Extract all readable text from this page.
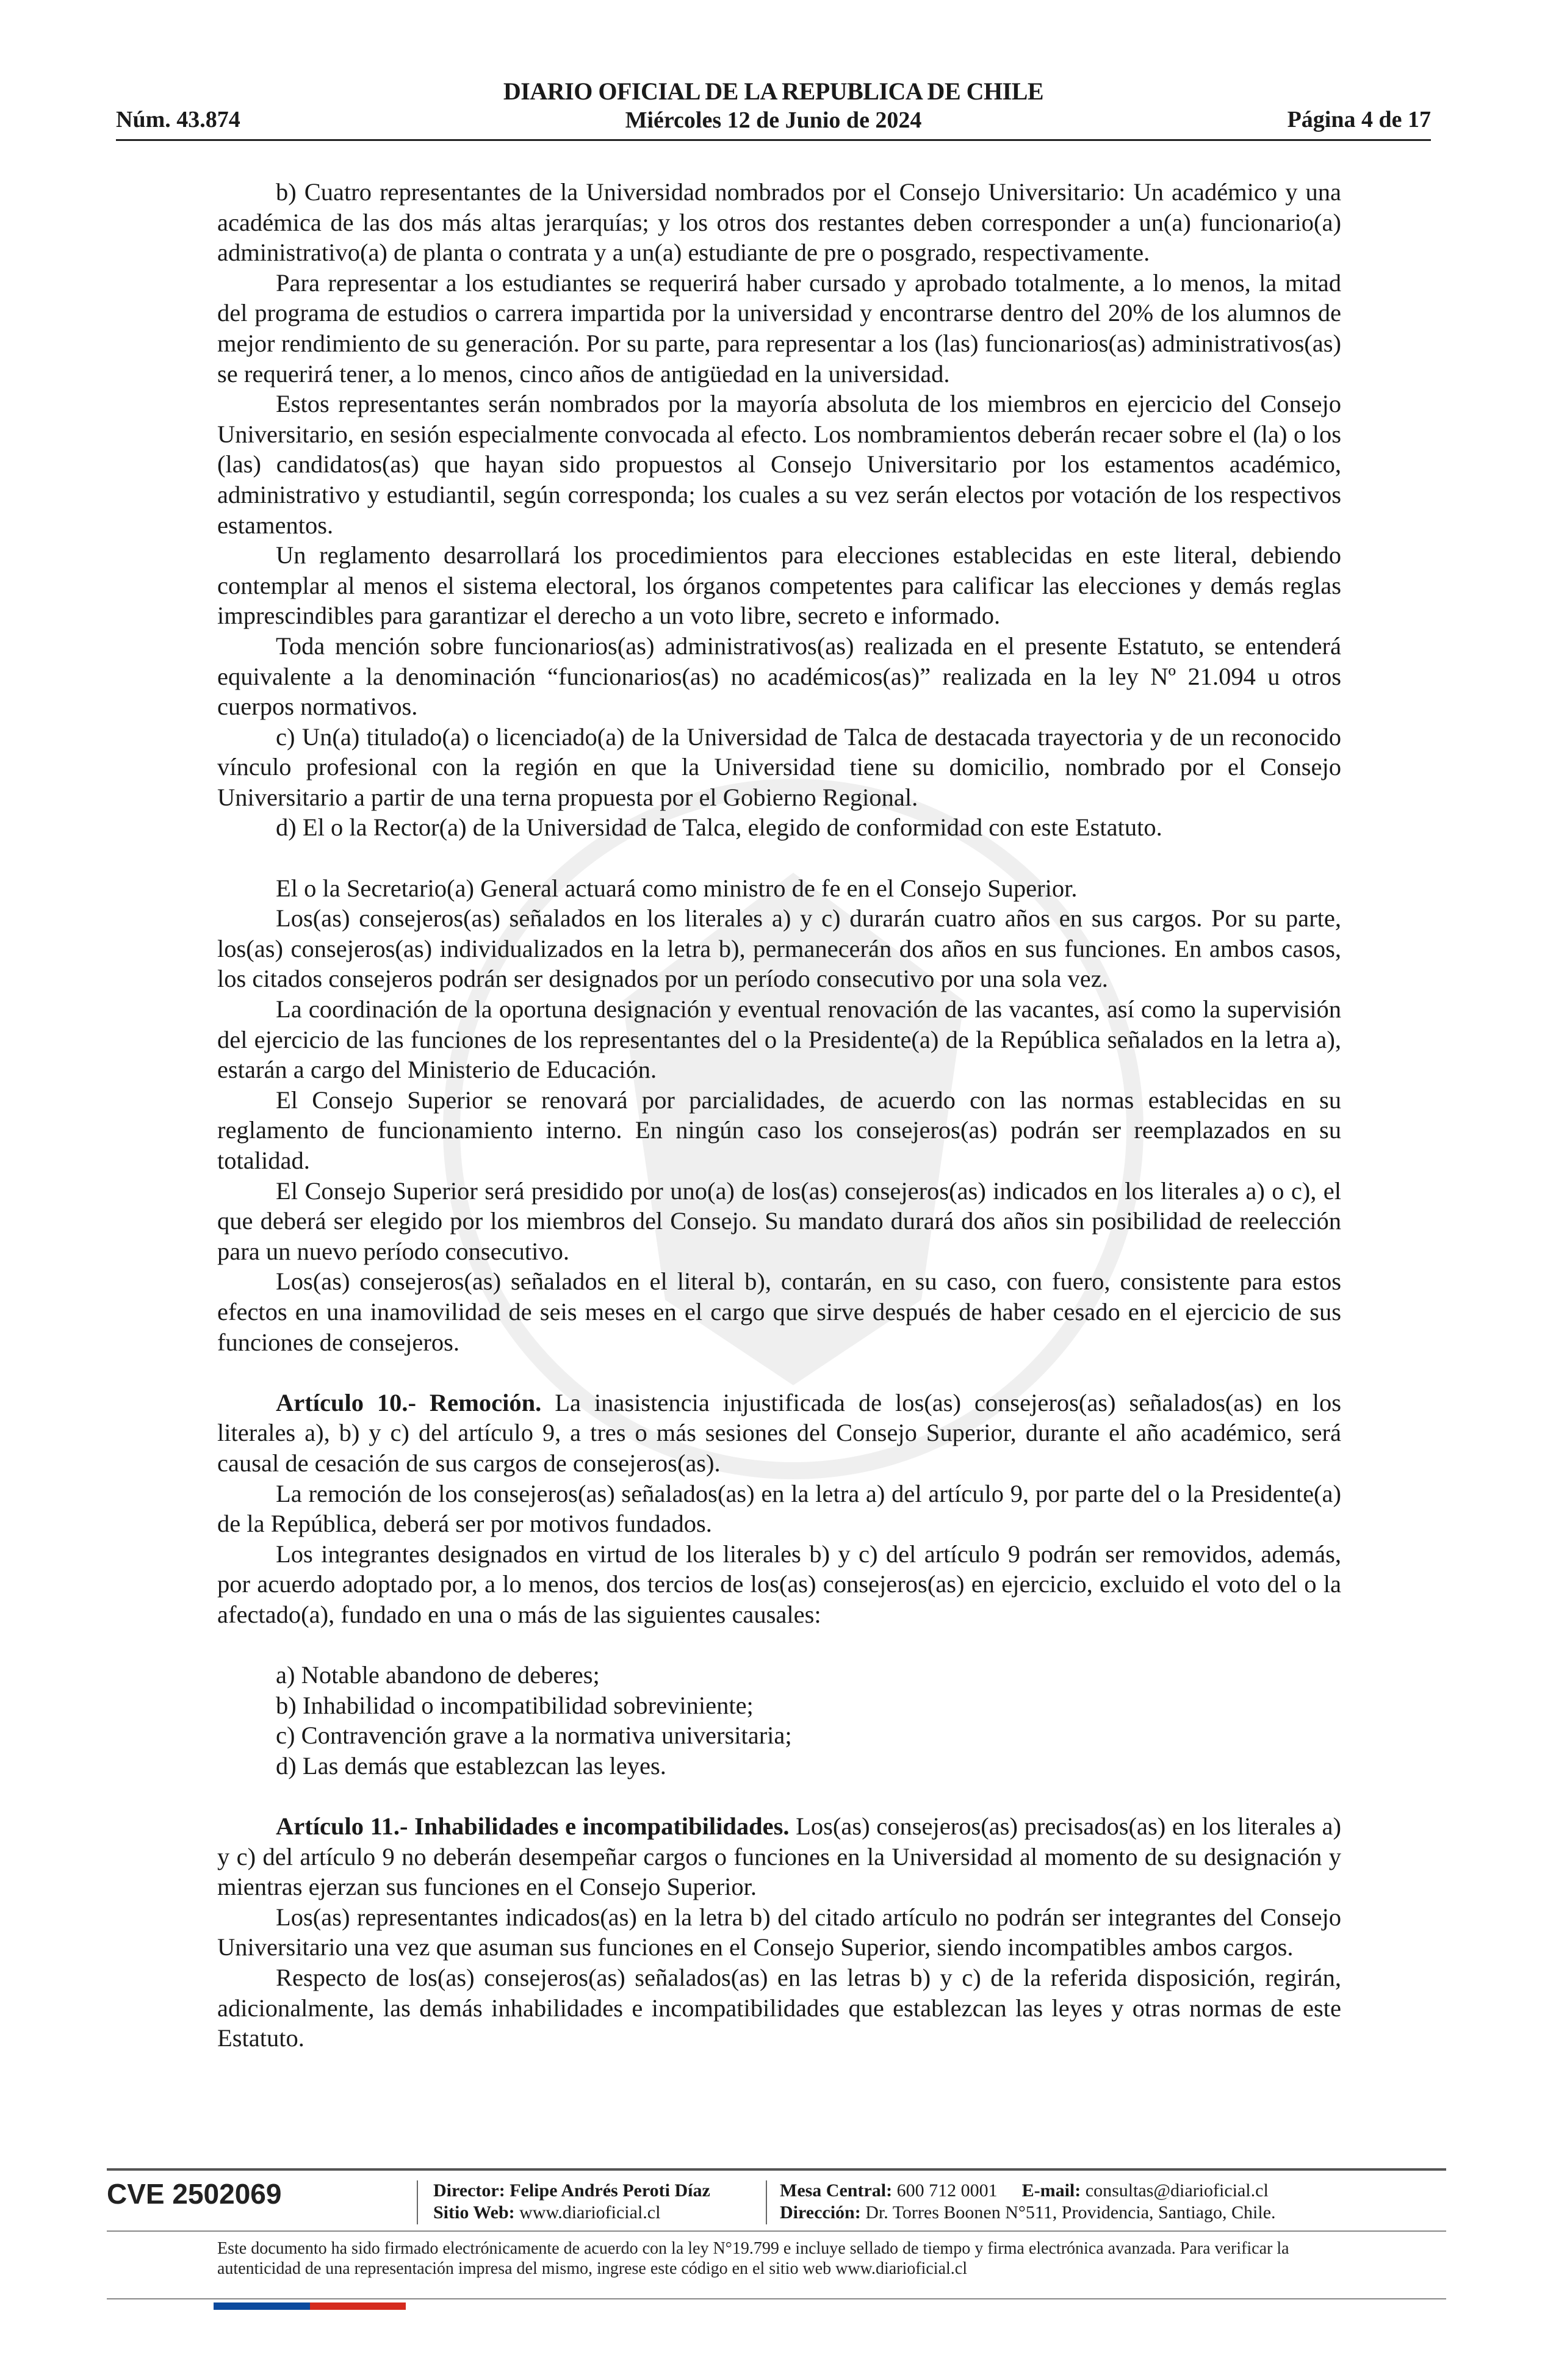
DIARIO OFICIAL DE LA REPUBLICA DE CHILE
Miércoles 12 de Junio de 2024
Núm. 43.874	Página 4 de 17

b) Cuatro representantes de la Universidad nombrados por el Consejo Universitario: Un académico y una académica de las dos más altas jerarquías; y los otros dos restantes deben corresponder a un(a) funcionario(a) administrativo(a) de planta o contrata y a un(a) estudiante de pre o posgrado, respectivamente.

Para representar a los estudiantes se requerirá haber cursado y aprobado totalmente, a lo menos, la mitad del programa de estudios o carrera impartida por la universidad y encontrarse dentro del 20% de los alumnos de mejor rendimiento de su generación. Por su parte, para representar a los (las) funcionarios(as) administrativos(as) se requerirá tener, a lo menos, cinco años de antigüedad en la universidad.

Estos representantes serán nombrados por la mayoría absoluta de los miembros en ejercicio del Consejo Universitario, en sesión especialmente convocada al efecto. Los nombramientos deberán recaer sobre el (la) o los (las) candidatos(as) que hayan sido propuestos al Consejo Universitario por los estamentos académico, administrativo y estudiantil, según corresponda; los cuales a su vez serán electos por votación de los respectivos estamentos.

Un reglamento desarrollará los procedimientos para elecciones establecidas en este literal, debiendo contemplar al menos el sistema electoral, los órganos competentes para calificar las elecciones y demás reglas imprescindibles para garantizar el derecho a un voto libre, secreto e informado.

Toda mención sobre funcionarios(as) administrativos(as) realizada en el presente Estatuto, se entenderá equivalente a la denominación “funcionarios(as) no académicos(as)” realizada en la ley Nº 21.094 u otros cuerpos normativos.

c) Un(a) titulado(a) o licenciado(a) de la Universidad de Talca de destacada trayectoria y de un reconocido vínculo profesional con la región en que la Universidad tiene su domicilio, nombrado por el Consejo Universitario a partir de una terna propuesta por el Gobierno Regional.

d) El o la Rector(a) de la Universidad de Talca, elegido de conformidad con este Estatuto.

El o la Secretario(a) General actuará como ministro de fe en el Consejo Superior.

Los(as) consejeros(as) señalados en los literales a) y c) durarán cuatro años en sus cargos. Por su parte, los(as) consejeros(as) individualizados en la letra b), permanecerán dos años en sus funciones. En ambos casos, los citados consejeros podrán ser designados por un período consecutivo por una sola vez.

La coordinación de la oportuna designación y eventual renovación de las vacantes, así como la supervisión del ejercicio de las funciones de los representantes del o la Presidente(a) de la República señalados en la letra a), estarán a cargo del Ministerio de Educación.

El Consejo Superior se renovará por parcialidades, de acuerdo con las normas establecidas en su reglamento de funcionamiento interno. En ningún caso los consejeros(as) podrán ser reemplazados en su totalidad.

El Consejo Superior será presidido por uno(a) de los(as) consejeros(as) indicados en los literales a) o c), el que deberá ser elegido por los miembros del Consejo. Su mandato durará dos años sin posibilidad de reelección para un nuevo período consecutivo.

Los(as) consejeros(as) señalados en el literal b), contarán, en su caso, con fuero, consistente para estos efectos en una inamovilidad de seis meses en el cargo que sirve después de haber cesado en el ejercicio de sus funciones de consejeros.

Artículo 10.- Remoción. La inasistencia injustificada de los(as) consejeros(as) señalados(as) en los literales a), b) y c) del artículo 9, a tres o más sesiones del Consejo Superior, durante el año académico, será causal de cesación de sus cargos de consejeros(as).

La remoción de los consejeros(as) señalados(as) en la letra a) del artículo 9, por parte del o la Presidente(a) de la República, deberá ser por motivos fundados.

Los integrantes designados en virtud de los literales b) y c) del artículo 9 podrán ser removidos, además, por acuerdo adoptado por, a lo menos, dos tercios de los(as) consejeros(as) en ejercicio, excluido el voto del o la afectado(a), fundado en una o más de las siguientes causales:

a) Notable abandono de deberes;

b) Inhabilidad o incompatibilidad sobreviniente;

c) Contravención grave a la normativa universitaria;

d) Las demás que establezcan las leyes.

Artículo 11.- Inhabilidades e incompatibilidades. Los(as) consejeros(as) precisados(as) en los literales a) y c) del artículo 9 no deberán desempeñar cargos o funciones en la Universidad al momento de su designación y mientras ejerzan sus funciones en el Consejo Superior.

Los(as) representantes indicados(as) en la letra b) del citado artículo no podrán ser integrantes del Consejo Universitario una vez que asuman sus funciones en el Consejo Superior, siendo incompatibles ambos cargos.

Respecto de los(as) consejeros(as) señalados(as) en las letras b) y c) de la referida disposición, regirán, adicionalmente, las demás inhabilidades e incompatibilidades que establezcan las leyes y otras normas de este Estatuto.

CVE 2502069	Director: Felipe Andrés Peroti Díaz
Sitio Web: www.diarioficial.cl
Mesa Central: 600 712 0001 E-mail: consultas@diarioficial.cl
Dirección: Dr. Torres Boonen N°511, Providencia, Santiago, Chile.
Este documento ha sido firmado electrónicamente de acuerdo con la ley N°19.799 e incluye sellado de tiempo y firma electrónica avanzada. Para verificar la autenticidad de una representación impresa del mismo, ingrese este código en el sitio web www.diarioficial.cl
